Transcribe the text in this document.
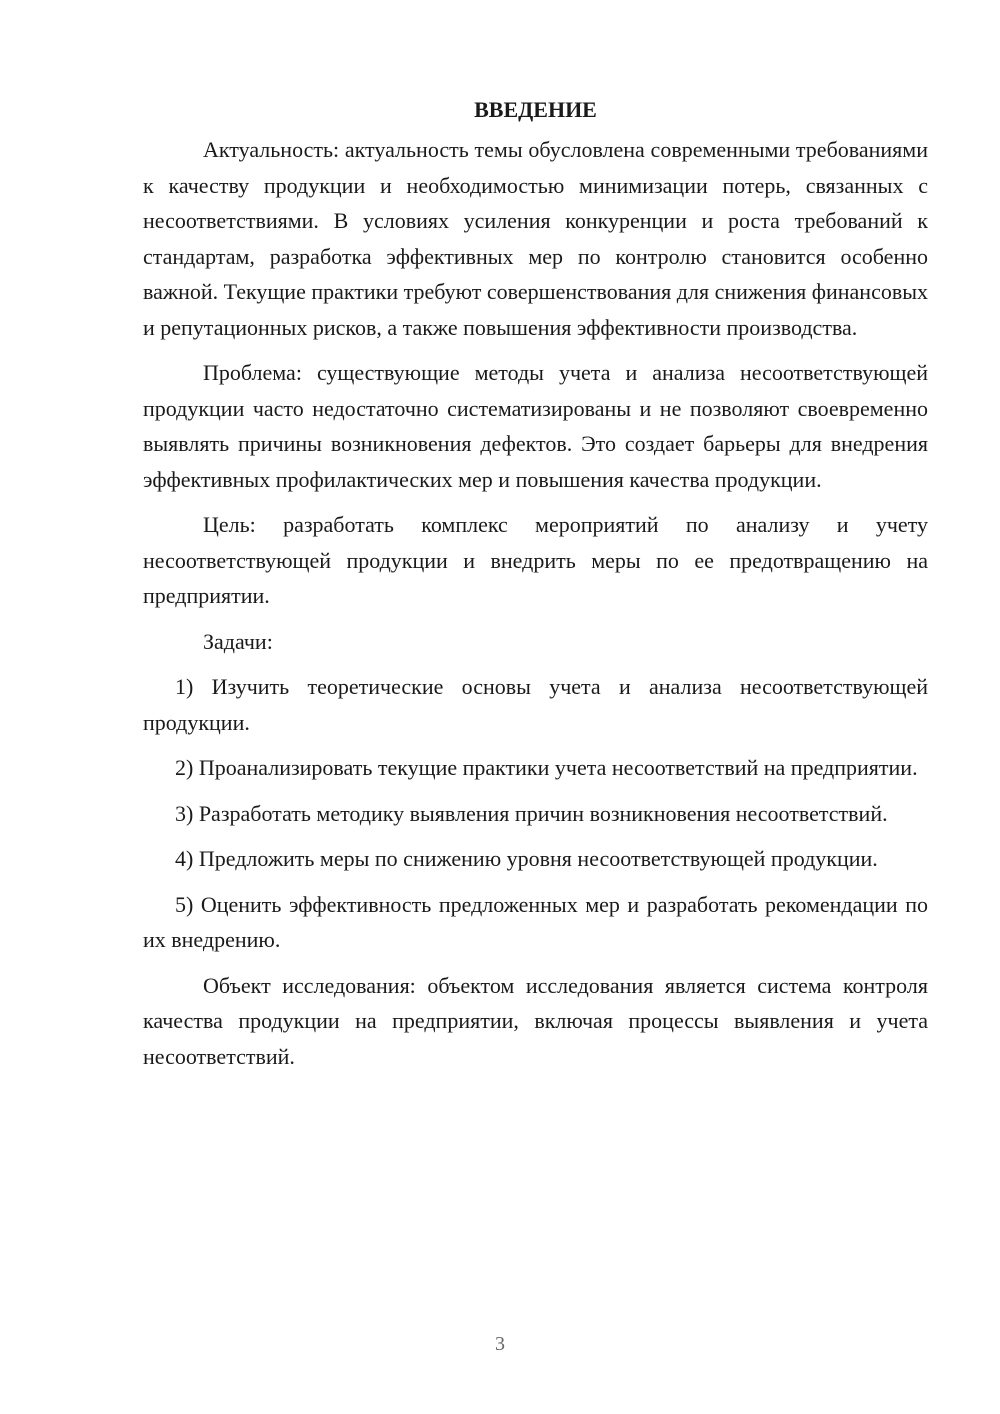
ВВЕДЕНИЕ

Актуальность: актуальность темы обусловлена современными требованиями к качеству продукции и необходимостью минимизации потерь, связанных с несоответствиями. В условиях усиления конкуренции и роста требований к стандартам, разработка эффективных мер по контролю становится особенно важной. Текущие практики требуют совершенствования для снижения финансовых и репутационных рисков, а также повышения эффективности производства.

Проблема: существующие методы учета и анализа несоответствующей продукции часто недостаточно систематизированы и не позволяют своевременно выявлять причины возникновения дефектов. Это создает барьеры для внедрения эффективных профилактических мер и повышения качества продукции.

Цель: разработать комплекс мероприятий по анализу и учету несоответствующей продукции и внедрить меры по ее предотвращению на предприятии.

Задачи:

1) Изучить теоретические основы учета и анализа несоответствующей продукции.

2) Проанализировать текущие практики учета несоответствий на предприятии.

3) Разработать методику выявления причин возникновения несоответствий.

4) Предложить меры по снижению уровня несоответствующей продукции.

5) Оценить эффективность предложенных мер и разработать рекомендации по их внедрению.

Объект исследования: объектом исследования является система контроля качества продукции на предприятии, включая процессы выявления и учета несоответствий.

3
